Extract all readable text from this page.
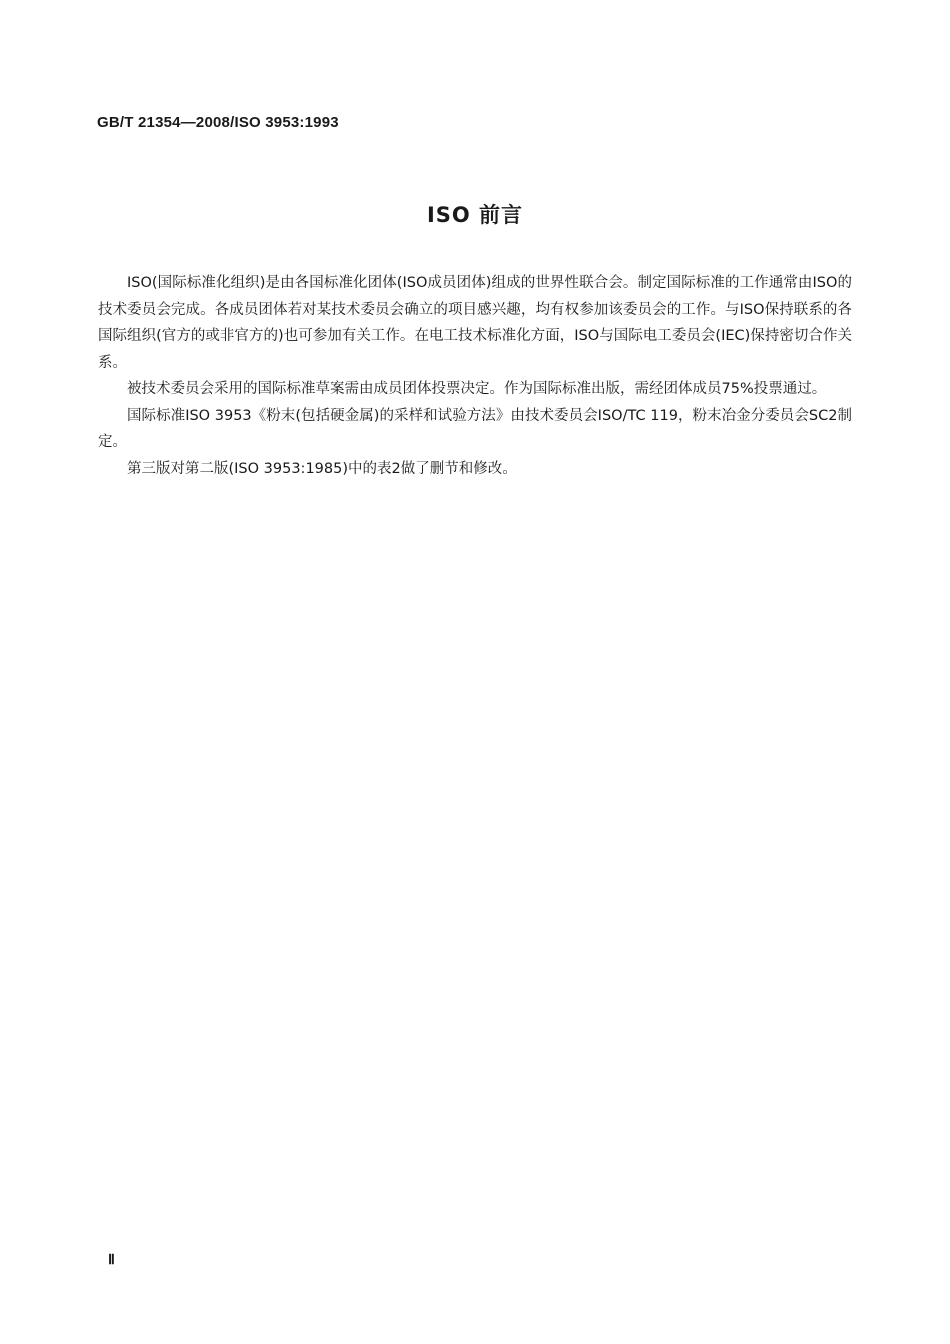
GB/T 21354—2008/ISO 3953:1993
ISO 前言

ISO(国际标准化组织)是由各国标准化团体(ISO成员团体)组成的世界性联合会。制定国际标准的工作通常由ISO的技术委员会完成。各成员团体若对某技术委员会确立的项目感兴趣，均有权参加该委员会的工作。与ISO保持联系的各国际组织(官方的或非官方的)也可参加有关工作。在电工技术标准化方面，ISO与国际电工委员会(IEC)保持密切合作关系。

被技术委员会采用的国际标准草案需由成员团体投票决定。作为国际标准出版，需经团体成员75%投票通过。

国际标准ISO 3953《粉末(包括硬金属)的采样和试验方法》由技术委员会ISO/TC 119，粉末冶金分委员会SC2制定。

第三版对第二版(ISO 3953:1985)中的表2做了删节和修改。

Ⅱ
